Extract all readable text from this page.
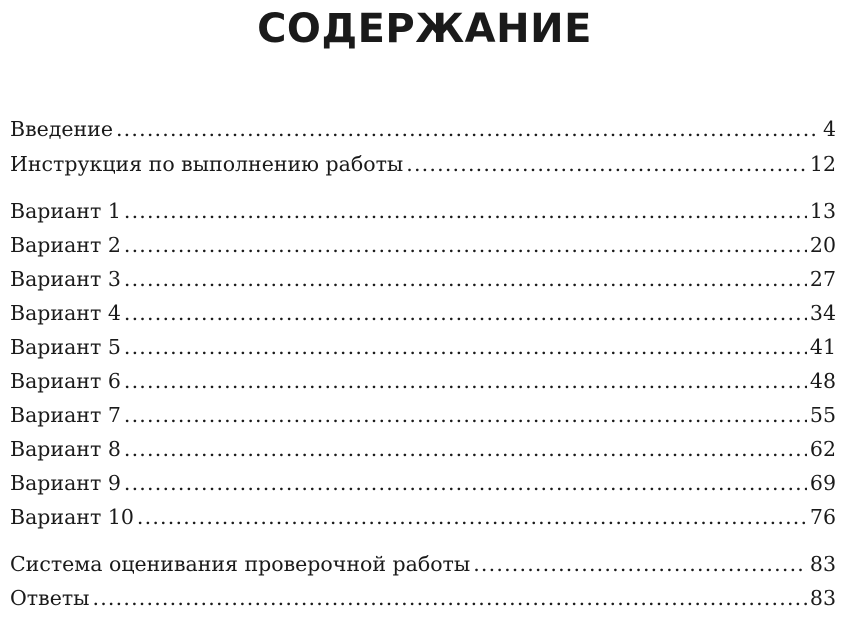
СОДЕРЖАНИЕ
Введение .....	4
Инструкция по выполнению работы .....	12
Вариант 1 .....	13
Вариант 2 .....	20
Вариант 3 .....	27
Вариант 4 .....	34
Вариант 5 .....	41
Вариант 6 .....	48
Вариант 7 .....	55
Вариант 8 .....	62
Вариант 9 .....	69
Вариант 10 .....	76
Система оценивания проверочной работы .....	83
Ответы .....	83
